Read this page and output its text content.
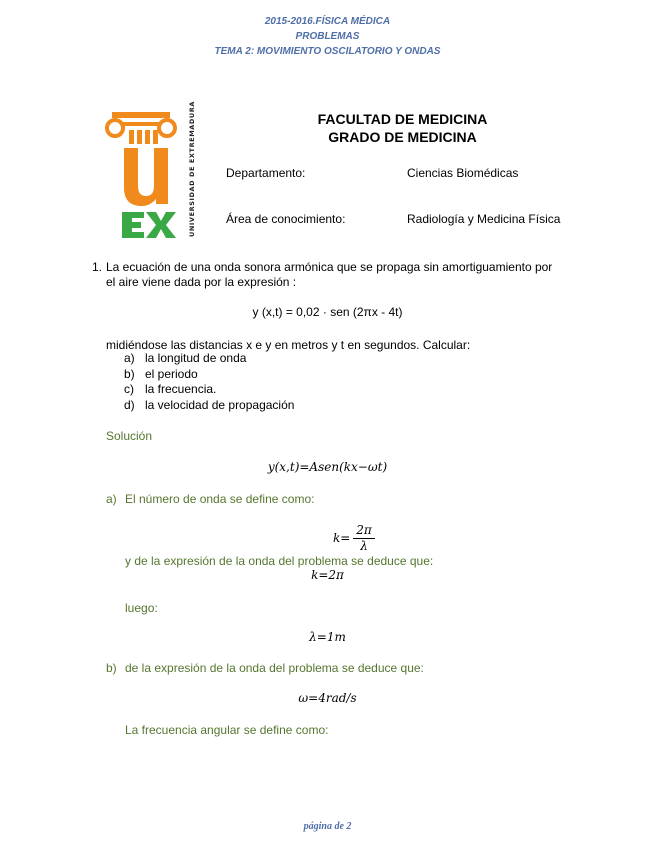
2015-2016.FÍSICA MÉDICA
PROBLEMAS
TEMA 2: MOVIMIENTO OSCILATORIO Y ONDAS
UNIVERSIDAD DE EXTREMADURA	FACULTAD DE MEDICINA
GRADO DE MEDICINA
Departamento:	Ciencias Biomédicas
Área de conocimiento:	Radiología y Medicina Física
1. La ecuación de una onda sonora armónica que se propaga sin amortiguamiento por
el aire viene dada por la expresión :
y (x,t) = 0,02 · sen (2πx - 4t)
midiéndose las distancias x e y en metros y t en segundos. Calcular:
a) la longitud de onda
b) el periodo
c) la frecuencia.
d) la velocidad de propagación
Solución
y(x,t)=Asen(kx−ωt)
a) El número de onda se define como:
k=
2π
λ
y de la expresión de la onda del problema se deduce que:
k=2π
luego:
λ=1m
b) de la expresión de la onda del problema se deduce que:
ω=4rad/s
La frecuencia angular se define como:
página de 2
